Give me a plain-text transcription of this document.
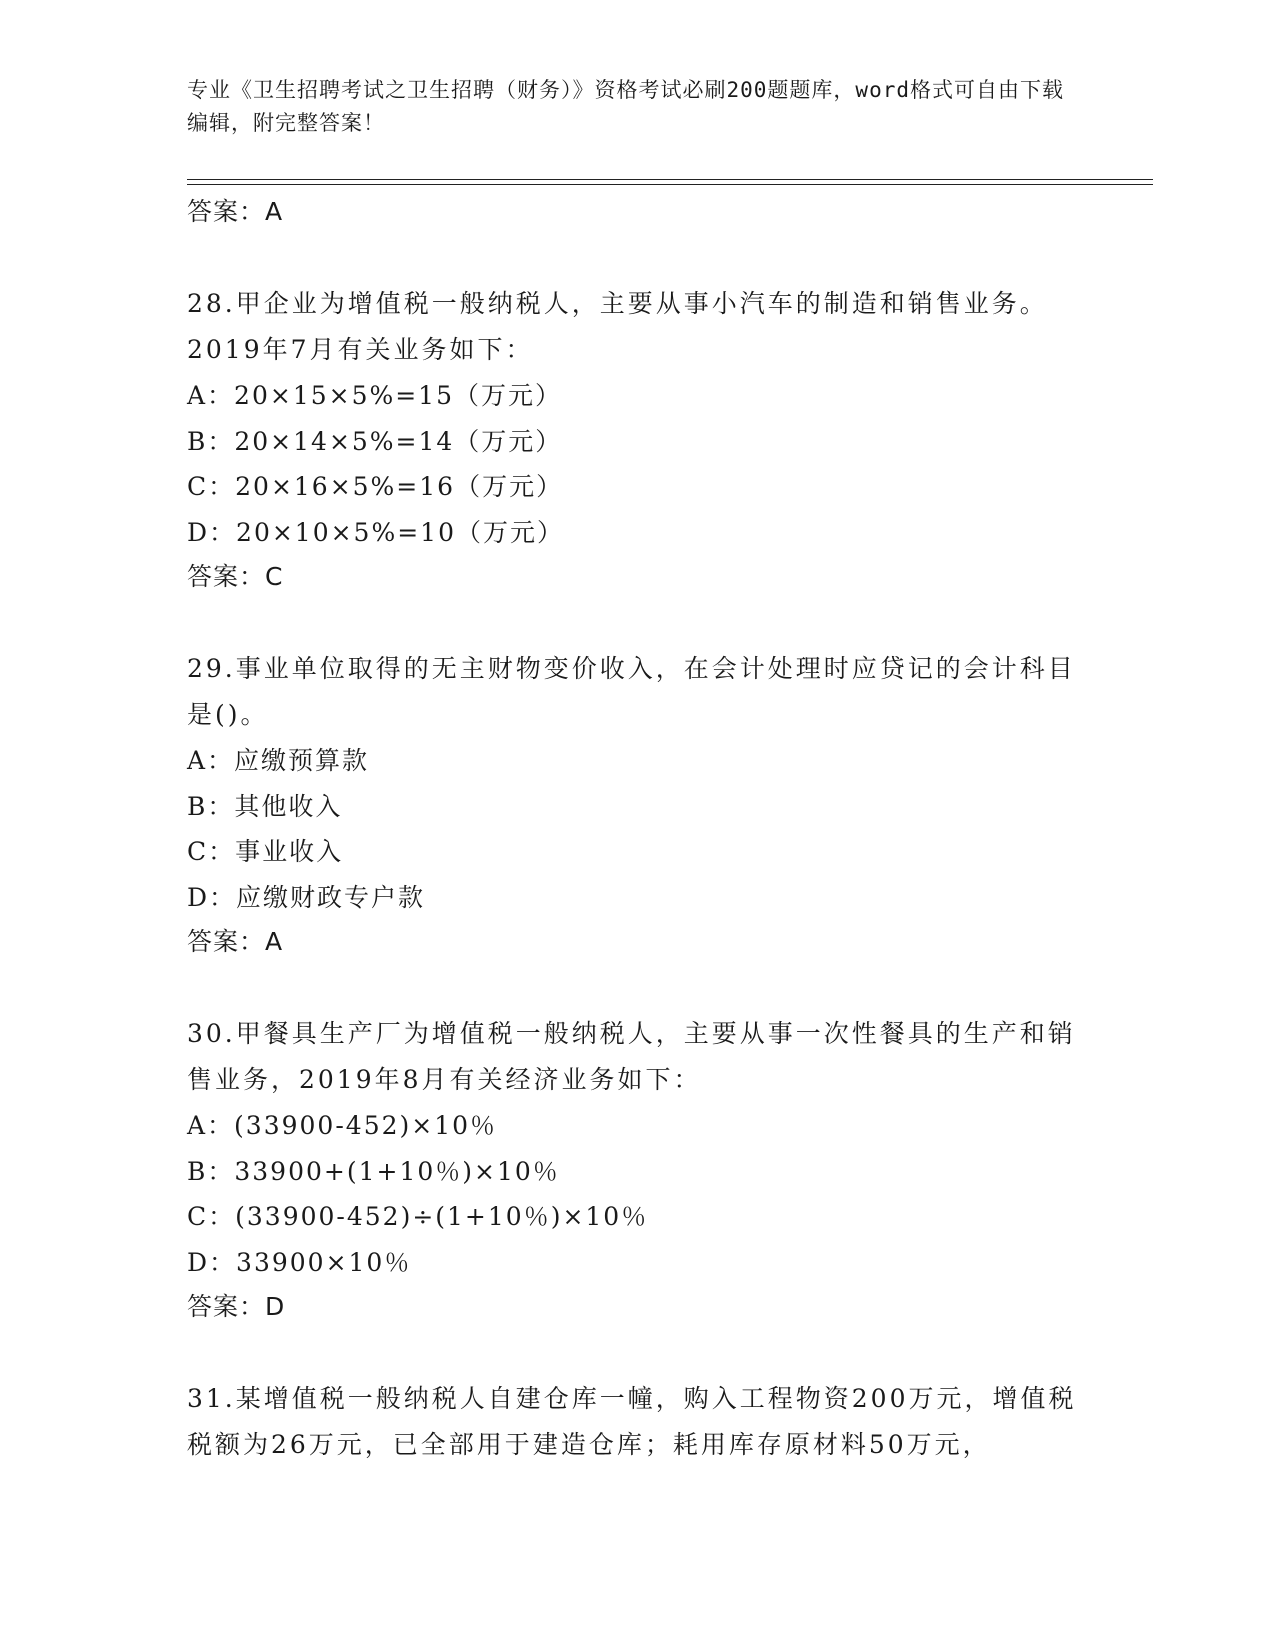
专业《卫生招聘考试之卫生招聘（财务）》资格考试必刷200题题库，word格式可自由下载编辑，附完整答案！
答案：A
28.甲企业为增值税一般纳税人，主要从事小汽车的制造和销售业务。2019年7月有关业务如下：
A：20×15×5%=15（万元）
B：20×14×5%=14（万元）
C：20×16×5%=16（万元）
D：20×10×5%=10（万元）
答案：C
29.事业单位取得的无主财物变价收入，在会计处理时应贷记的会计科目是()。
A：应缴预算款
B：其他收入
C：事业收入
D：应缴财政专户款
答案：A
30.甲餐具生产厂为增值税一般纳税人，主要从事一次性餐具的生产和销售业务，2019年8月有关经济业务如下：
A：(33900-452)×10％
B：33900+(1+10％)×10％
C：(33900-452)÷(1+10％)×10％
D：33900×10％
答案：D
31.某增值税一般纳税人自建仓库一幢，购入工程物资200万元，增值税税额为26万元，已全部用于建造仓库；耗用库存原材料50万元，
